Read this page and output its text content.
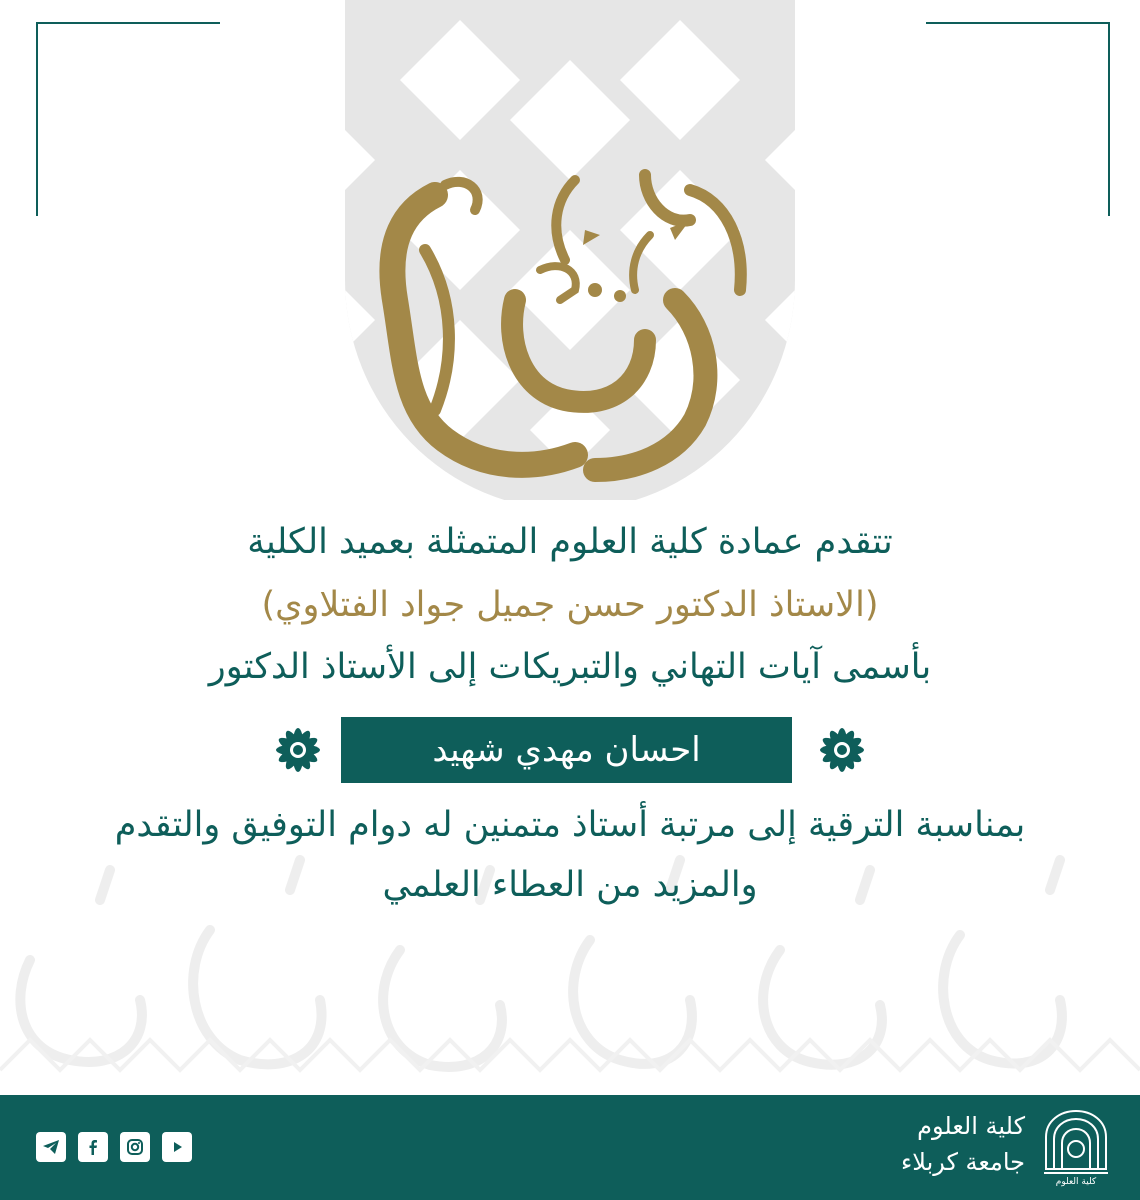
تتقدم عمادة كلية العلوم المتمثلة بعميد الكلية
(الاستاذ الدكتور حسن جميل جواد الفتلاوي)
بأسمى آيات التهاني والتبريكات إلى الأستاذ الدكتور
احسان مهدي شهيد
بمناسبة الترقية إلى مرتبة أستاذ متمنين له دوام التوفيق والتقدم
والمزيد من العطاء العلمي
كلية العلوم
جامعة كربلاء
كلية العلوم
